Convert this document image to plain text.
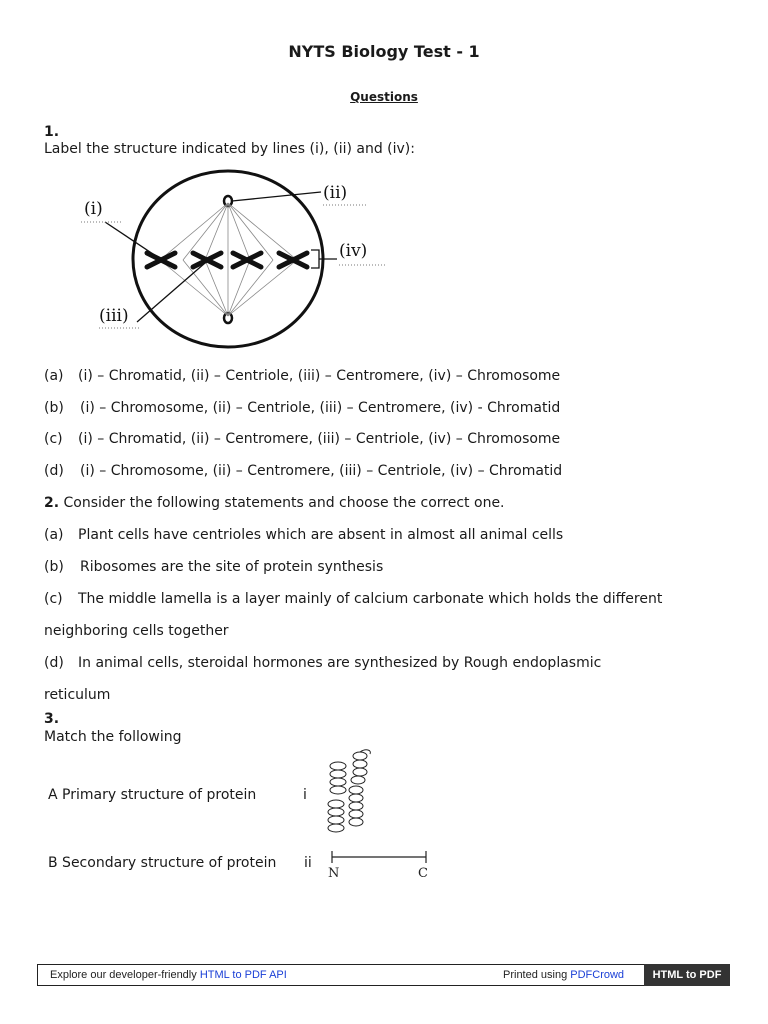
NYTS Biology Test - 1
Questions
1.
Label the structure indicated by lines (i), (ii) and (iv):
(i)
(ii)
(iv)
(iii)
(a) (i) – Chromatid, (ii) – Centriole, (iii) – Centromere, (iv) – Chromosome
(b) (i) – Chromosome, (ii) – Centriole, (iii) – Centromere, (iv) - Chromatid
(c) (i) – Chromatid, (ii) – Centromere, (iii) – Centriole, (iv) – Chromosome
(d) (i) – Chromosome, (ii) – Centromere, (iii) – Centriole, (iv) – Chromatid
2. Consider the following statements and choose the correct one.
(a) Plant cells have centrioles which are absent in almost all animal cells
(b) Ribosomes are the site of protein synthesis
(c) The middle lamella is a layer mainly of calcium carbonate which holds the different
neighboring cells together
(d) In animal cells, steroidal hormones are synthesized by Rough endoplasmic
reticulum
3.
Match the following
A Primary structure of protein	i
B Secondary structure of protein ii
N	C
Explore our developer-friendly HTML to PDF API	Printed using PDFCrowd	HTML to PDF
